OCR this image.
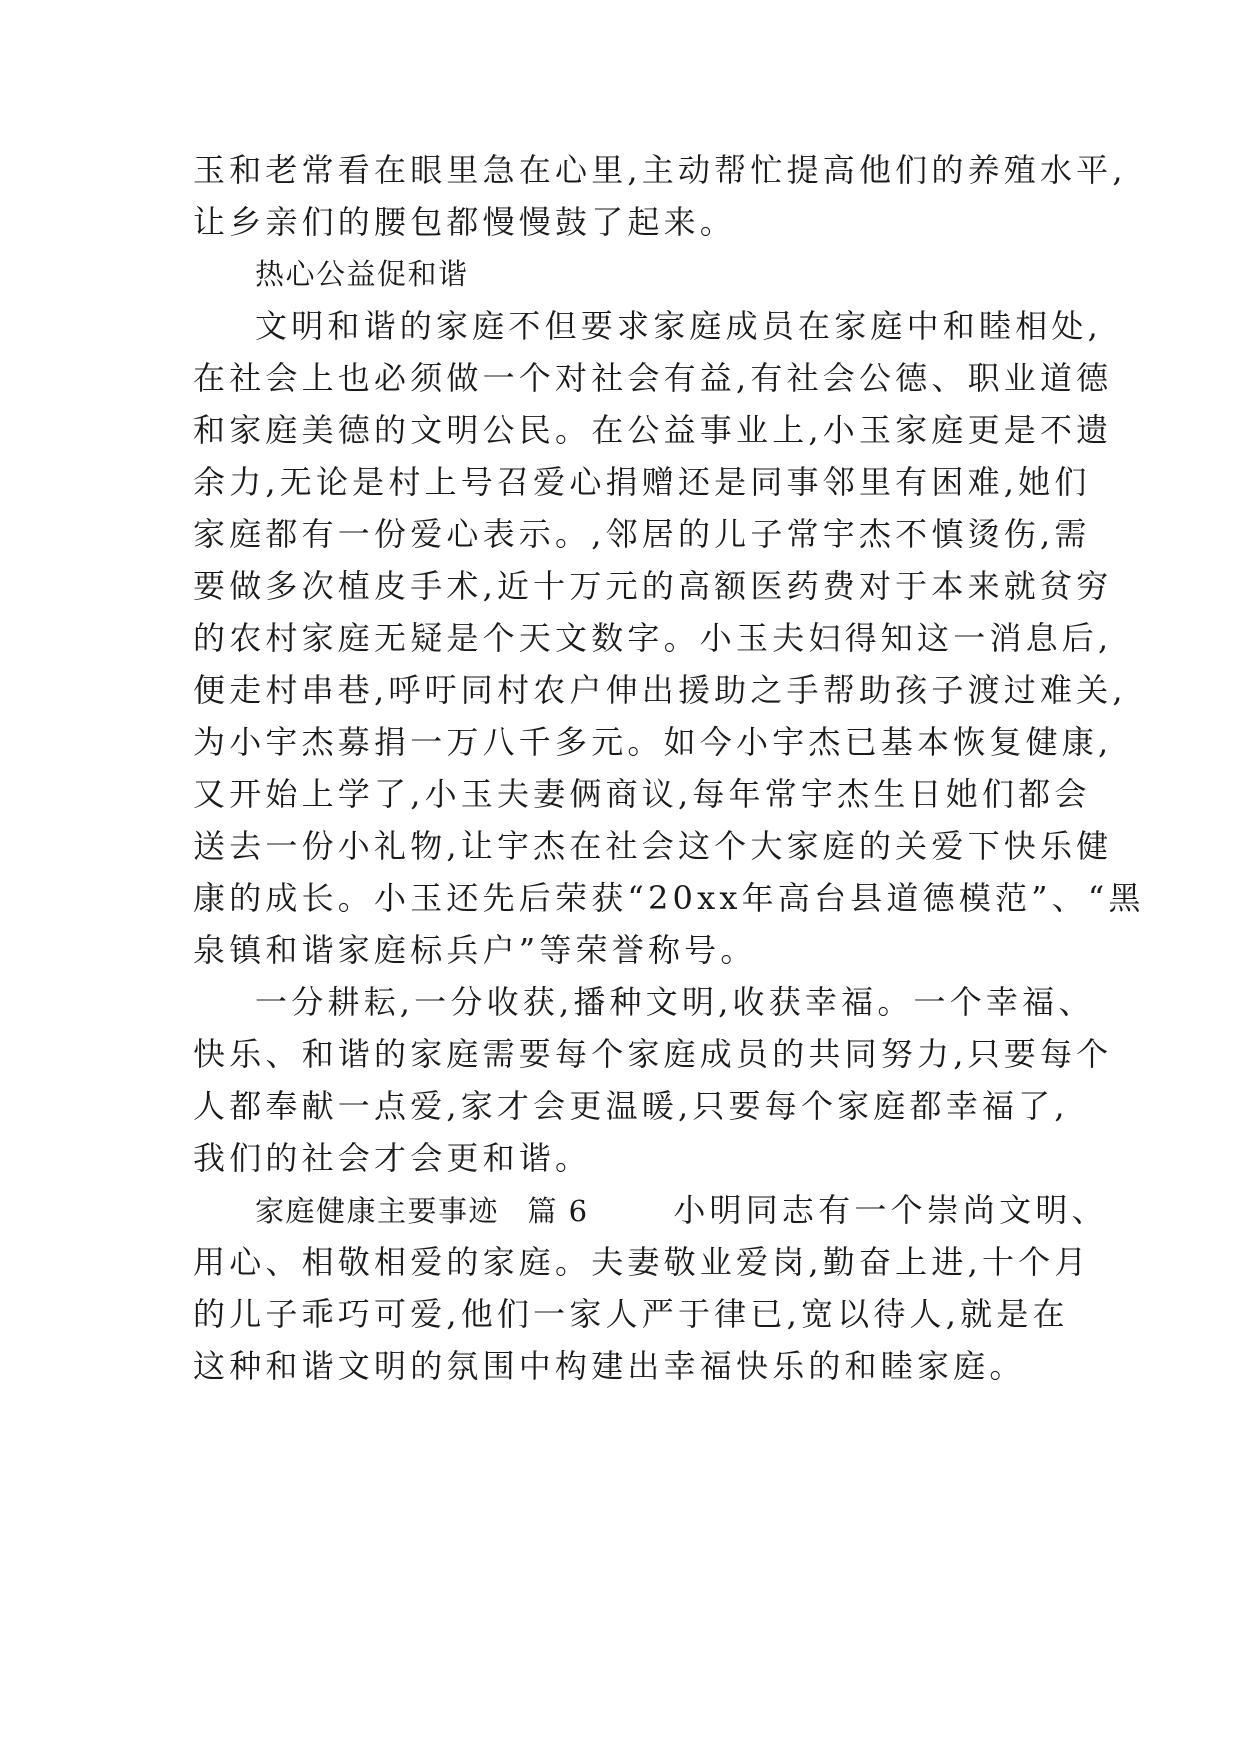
玉和老常看在眼里急在心里,主动帮忙提高他们的养殖水平,
让乡亲们的腰包都慢慢鼓了起来。
热心公益促和谐
文明和谐的家庭不但要求家庭成员在家庭中和睦相处,
在社会上也必须做一个对社会有益,有社会公德、职业道德
和家庭美德的文明公民。在公益事业上,小玉家庭更是不遗
余力,无论是村上号召爱心捐赠还是同事邻里有困难,她们
家庭都有一份爱心表示。,邻居的儿子常宇杰不慎烫伤,需
要做多次植皮手术,近十万元的高额医药费对于本来就贫穷
的农村家庭无疑是个天文数字。小玉夫妇得知这一消息后,
便走村串巷,呼吁同村农户伸出援助之手帮助孩子渡过难关,
为小宇杰募捐一万八千多元。如今小宇杰已基本恢复健康,
又开始上学了,小玉夫妻俩商议,每年常宇杰生日她们都会
送去一份小礼物,让宇杰在社会这个大家庭的关爱下快乐健
康的成长。小玉还先后荣获“20xx年高台县道德模范”、“黑
泉镇和谐家庭标兵户”等荣誉称号。
一分耕耘,一分收获,播种文明,收获幸福。一个幸福、
快乐、和谐的家庭需要每个家庭成员的共同努力,只要每个
人都奉献一点爱,家才会更温暖,只要每个家庭都幸福了,
我们的社会才会更和谐。
家庭健康主要事迹 篇 6	小明同志有一个崇尚文明、
用心、相敬相爱的家庭。夫妻敬业爱岗,勤奋上进,十个月
的儿子乖巧可爱,他们一家人严于律已,宽以待人,就是在
这种和谐文明的氛围中构建出幸福快乐的和睦家庭。
